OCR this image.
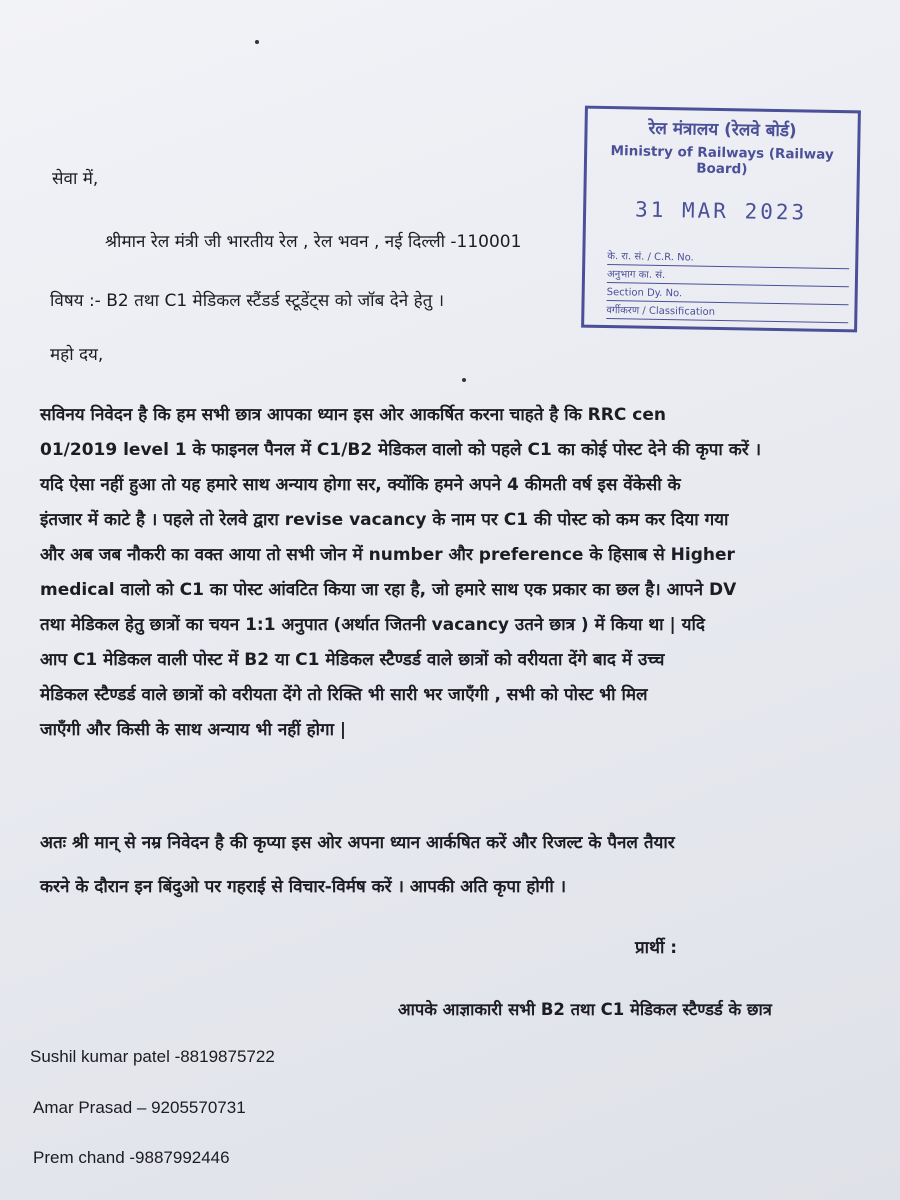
रेल मंत्रालय (रेलवे बोर्ड)
Ministry of Railways (Railway Board)
31 MAR 2023
के. रा. सं. / C.R. No.
अनुभाग का. सं.
Section Dy. No.
वर्गीकरण / Classification
सेवा में,
श्रीमान रेल मंत्री जी भारतीय रेल , रेल भवन , नई दिल्ली -110001
विषय :- B2 तथा C1 मेडिकल स्टैंडर्ड स्टूडेंट्स को जॉब देने हेतु ।
महो दय,
सविनय निवेदन है कि हम सभी छात्र आपका ध्यान इस ओर आकर्षित करना चाहते है कि RRC cen
01/2019 level 1 के फाइनल पैनल में C1/B2 मेडिकल वालो को पहले C1 का कोई पोस्ट देने की कृपा करें ।
यदि ऐसा नहीं हुआ तो यह हमारे साथ अन्याय होगा सर, क्योंकि हमने अपने 4 कीमती वर्ष इस वेंकेसी के
इंतजार में काटे है । पहले तो रेलवे द्वारा revise vacancy के नाम पर C1 की पोस्ट को कम कर दिया गया
और अब जब नौकरी का वक्त आया तो सभी जोन में number और preference के हिसाब से Higher
medical वालो को C1 का पोस्ट आंवटित किया जा रहा है, जो हमारे साथ एक प्रकार का छल है। आपने DV
तथा मेडिकल हेतु छात्रों का चयन 1:1 अनुपात (अर्थात जितनी vacancy उतने छात्र ) में किया था | यदि
आप C1 मेडिकल वाली पोस्ट में B2 या C1 मेडिकल स्टैण्डर्ड वाले छात्रों को वरीयता देंगे बाद में उच्च
मेडिकल स्टैण्डर्ड वाले छात्रों को वरीयता देंगे तो रिक्ति भी सारी भर जाएँगी , सभी को पोस्ट भी मिल
जाएँगी और किसी के साथ अन्याय भी नहीं होगा |
अतः श्री मान् से नम्र निवेदन है की कृप्या इस ओर अपना ध्यान आर्कषित करें और रिजल्ट के पैनल तैयार
करने के दौरान इन बिंदुओ पर गहराई से विचार-विर्मष करें । आपकी अति कृपा होगी ।
प्रार्थी :
आपके आज्ञाकारी सभी B2 तथा C1 मेडिकल स्टैण्डर्ड के छात्र
Sushil kumar patel -8819875722
Amar Prasad – 9205570731
Prem chand -9887992446
